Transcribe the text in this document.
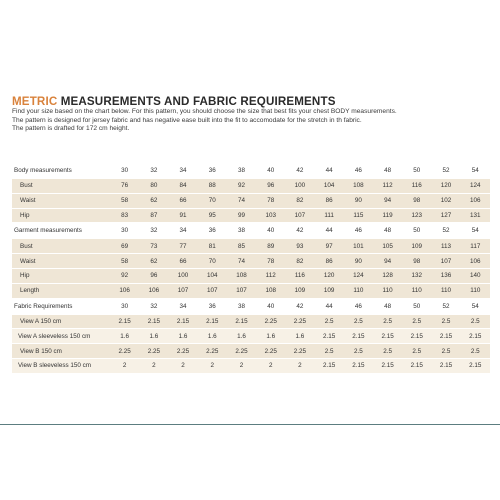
METRIC MEASUREMENTS AND FABRIC REQUIREMENTS
Find your size based on the chart below. For this pattern, you should choose the size that best fits your chest BODY measurements.
The pattern is designed for jersey fabric and has negative ease built into the fit to accomodate for the stretch in th fabric.
The pattern is drafted for 172 cm height.
Body measurements	30	32	34	36	38	40	42	44	46	48	50	52	54
Bust	76	80	84	88	92	96	100	104	108	112	116	120	124
Waist	58	62	66	70	74	78	82	86	90	94	98	102	106
Hip	83	87	91	95	99	103	107	111	115	119	123	127	131
Garment measurements	30	32	34	36	38	40	42	44	46	48	50	52	54
Bust	69	73	77	81	85	89	93	97	101	105	109	113	117
Waist	58	62	66	70	74	78	82	86	90	94	98	107	106
Hip	92	96	100	104	108	112	116	120	124	128	132	136	140
Length	106	106	107	107	107	108	109	109	110	110	110	110	110
Fabric Requirements	30	32	34	36	38	40	42	44	46	48	50	52	54
View A 150 cm	2.15	2.15	2.15	2.15	2.15	2.25	2.25	2.5	2.5	2.5	2.5	2.5	2.5
View A sleeveless 150 cm	1.6	1.6	1.6	1.6	1.6	1.6	1.6	2.15	2.15	2.15	2.15	2.15	2.15
View B 150 cm	2.25	2.25	2.25	2.25	2.25	2.25	2.25	2.5	2.5	2.5	2.5	2.5	2.5
View B sleeveless 150 cm	2	2	2	2	2	2	2	2.15	2.15	2.15	2.15	2.15	2.15
